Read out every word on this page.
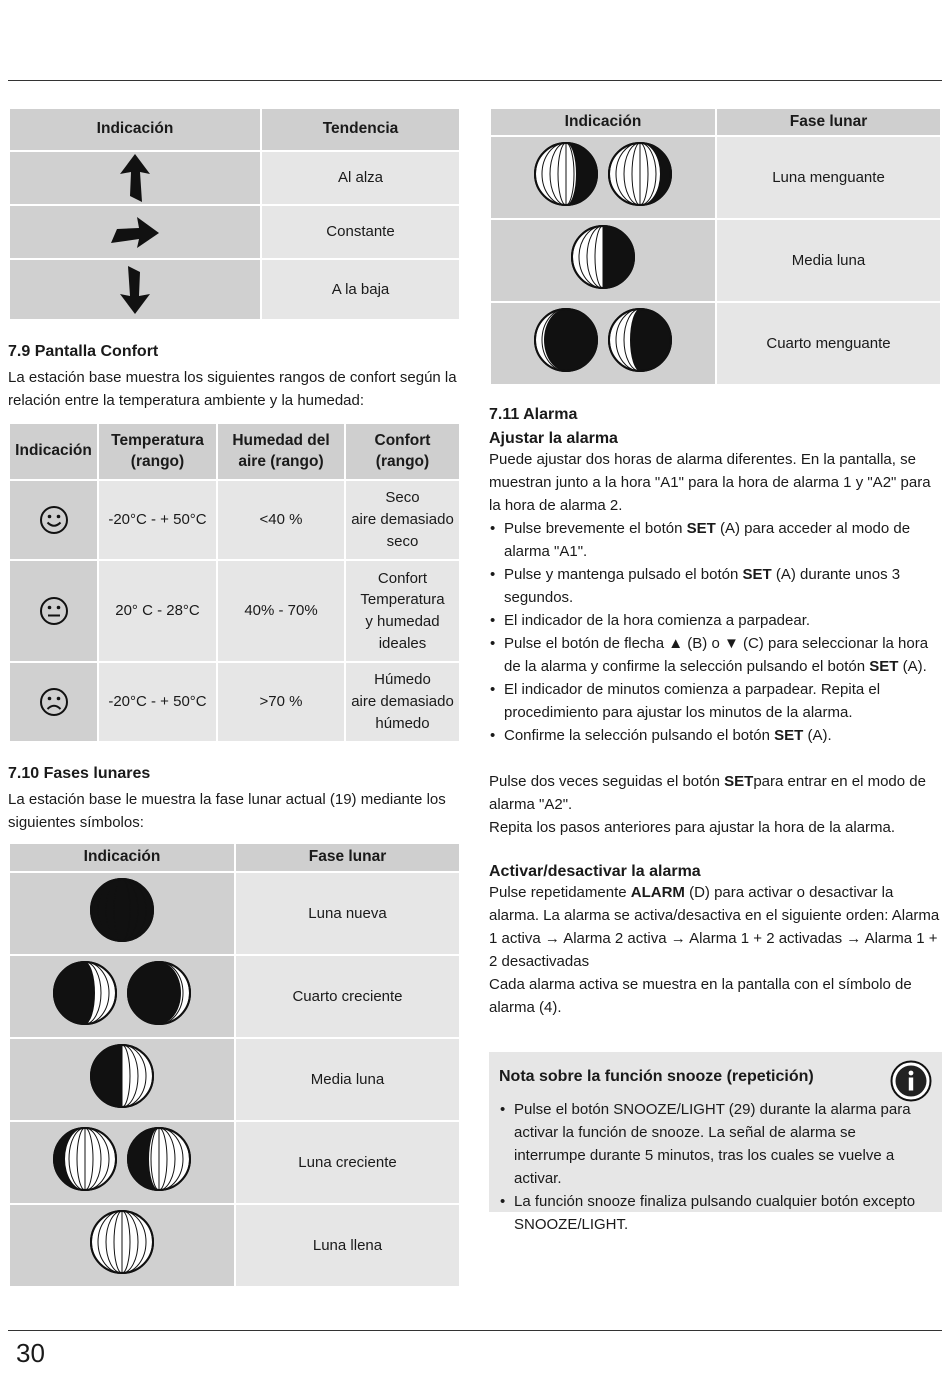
Indicación	Tendencia

	Al alza

	Constante

	A la baja
7.9 Pantalla Confort

La estación base muestra los siguientes rangos de confort según la relación entre la temperatura ambiente y la humedad:

Indicación	Temperatura (rango)	Humedad del aire (rango)	Confort (rango)

	-20°C - + 50°C	<40 %	Seco
aire demasiado
seco

	20° C - 28°C	40% - 70%	Confort
Temperatura
y humedad
ideales

	-20°C - + 50°C	>70 %	Húmedo
aire demasiado
húmedo
7.10 Fases lunares

La estación base le muestra la fase lunar actual (19) mediante los siguientes símbolos:

Indicación	Fase lunar

	Luna nueva

	Cuarto creciente

	Media luna

	Luna creciente

	Luna llena
Indicación	Fase lunar

	Luna menguante

	Media luna

	Cuarto menguante
7.11 Alarma
Ajustar la alarma

Puede ajustar dos horas de alarma diferentes. En la pantalla, se muestran junto a la hora "A1" para la hora de alarma 1 y "A2" para la hora de alarma 2.

• Pulse brevemente el botón SET (A) para acceder al modo de alarma "A1".
• Pulse y mantenga pulsado el botón SET (A) durante unos 3 segundos.
• El indicador de la hora comienza a parpadear.
• Pulse el botón de flecha ▲ (B) o ▼ (C) para seleccionar la hora de la alarma y confirme la selección pulsando el botón SET (A).
• El indicador de minutos comienza a parpadear. Repita el procedimiento para ajustar los minutos de la alarma.
• Confirme la selección pulsando el botón SET (A).

Pulse dos veces seguidas el botón SETpara entrar en el modo de alarma "A2".

Repita los pasos anteriores para ajustar la hora de la alarma.

Activar/desactivar la alarma

Pulse repetidamente ALARM (D) para activar o desactivar la alarma. La alarma se activa/desactiva en el siguiente orden: Alarma 1 activa → Alarma 2 activa → Alarma 1 + 2 activadas → Alarma 1 + 2 desactivadas

Cada alarma activa se muestra en la pantalla con el símbolo de alarma (4).

Nota sobre la función snooze (repetición)
• Pulse el botón SNOOZE/LIGHT (29) durante la alarma para activar la función de snooze. La señal de alarma se interrumpe durante 5 minutos, tras los cuales se vuelve a activar.
• La función snooze finaliza pulsando cualquier botón excepto SNOOZE/LIGHT.
30
